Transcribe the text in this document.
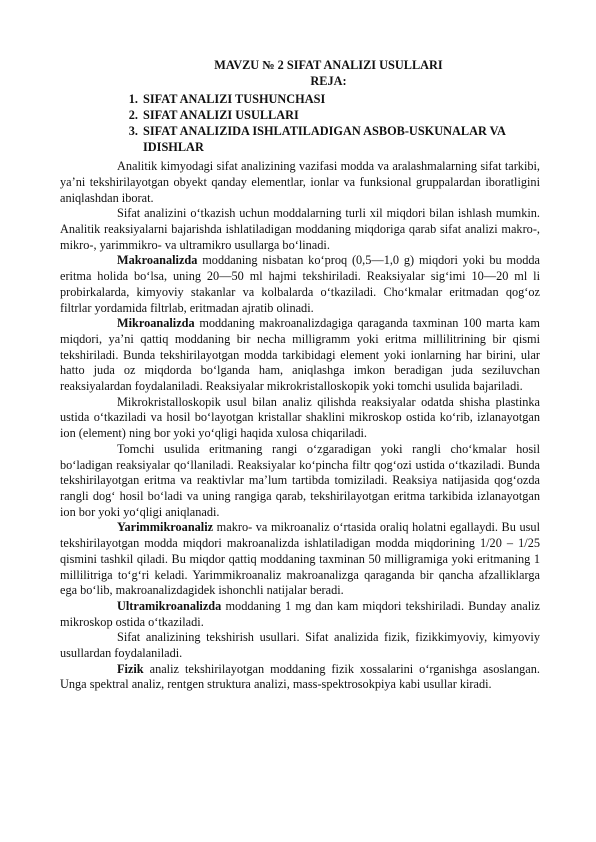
MAVZU № 2 SIFAT ANALIZI USULLARI
REJA:
1. SIFAT ANALIZI TUSHUNCHASI
2. SIFAT ANALIZI USULLARI
3. SIFAT ANALIZIDA ISHLATILADIGAN ASBOB-USKUNALAR VA IDISHLAR

Analitik kimyodagi sifat analizining vazifasi modda va aralashmalarning sifat tarkibi, ya’ni tekshirilayotgan obyekt qanday elementlar, ionlar va funksional gruppalardan iboratligini aniqlashdan iborat.

Sifat analizini o‘tkazish uchun moddalarning turli xil miqdori bilan ishlash mumkin. Analitik reaksiyalarni bajarishda ishlatiladigan moddaning miqdoriga qarab sifat analizi makro-, mikro-, yarimmikro- va ultramikro usullarga bo‘linadi.

Makroanalizda moddaning nisbatan ko‘proq (0,5—1,0 g) miqdori yoki bu modda eritma holida bo‘lsa, uning 20—50 ml hajmi tekshiriladi. Reaksiyalar sig‘imi 10—20 ml li probirkalarda, kimyoviy stakanlar va kolbalarda o‘tkaziladi. Cho‘kmalar eritmadan qog‘oz filtrlar yordamida filtrlab, eritmadan ajratib olinadi.

Mikroanalizda moddaning makroanalizdagiga qaraganda taxminan 100 marta kam miqdori, ya’ni qattiq moddaning bir necha milligramm yoki eritma millilitrining bir qismi tekshiriladi. Bunda tekshirilayotgan modda tarkibidagi element yoki ionlarning har birini, ular hatto juda oz miqdorda bo‘lganda ham, aniqlashga imkon beradigan juda seziluvchan reaksiyalardan foydalaniladi. Reaksiyalar mikrokristalloskopik yoki tomchi usulida bajariladi.

Mikrokristalloskopik usul bilan analiz qilishda reaksiyalar odatda shisha plastinka ustida o‘tkaziladi va hosil bo‘layotgan kristallar shaklini mikroskop ostida ko‘rib, izlanayotgan ion (element) ning bor yoki yo‘qligi haqida xulosa chiqariladi.

Tomchi usulida eritmaning rangi o‘zgaradigan yoki rangli cho‘kmalar hosil bo‘ladigan reaksiyalar qo‘llaniladi. Reaksiyalar ko‘pincha filtr qog‘ozi ustida o‘tkaziladi. Bunda tekshirilayotgan eritma va reaktivlar ma’lum tartibda tomiziladi. Reaksiya natijasida qog‘ozda rangli dog‘ hosil bo‘ladi va uning rangiga qarab, tekshirilayotgan eritma tarkibida izlanayotgan ion bor yoki yo‘qligi aniqlanadi.

Yarimmikroanaliz makro- va mikroanaliz o‘rtasida oraliq holatni egallaydi. Bu usul tekshirilayotgan modda miqdori makroanalizda ishlatiladigan modda miqdorining 1/20 – 1/25 qismini tashkil qiladi. Bu miqdor qattiq moddaning taxminan 50 milligramiga yoki eritmaning 1 millilitriga to‘g‘ri keladi. Yarimmikroanaliz makroanalizga qaraganda bir qancha afzalliklarga ega bo‘lib, makroanalizdagidek ishonchli natijalar beradi.

Ultramikroanalizda moddaning 1 mg dan kam miqdori tekshiriladi. Bunday analiz mikroskop ostida o‘tkaziladi.

Sifat analizining tekshirish usullari. Sifat analizida fizik, fizikkimyoviy, kimyoviy usullardan foydalaniladi.

Fizik analiz tekshirilayotgan moddaning fizik xossalarini o‘rganishga asoslangan. Unga spektral analiz, rentgen struktura analizi, mass-spektrosokpiya kabi usullar kiradi.
